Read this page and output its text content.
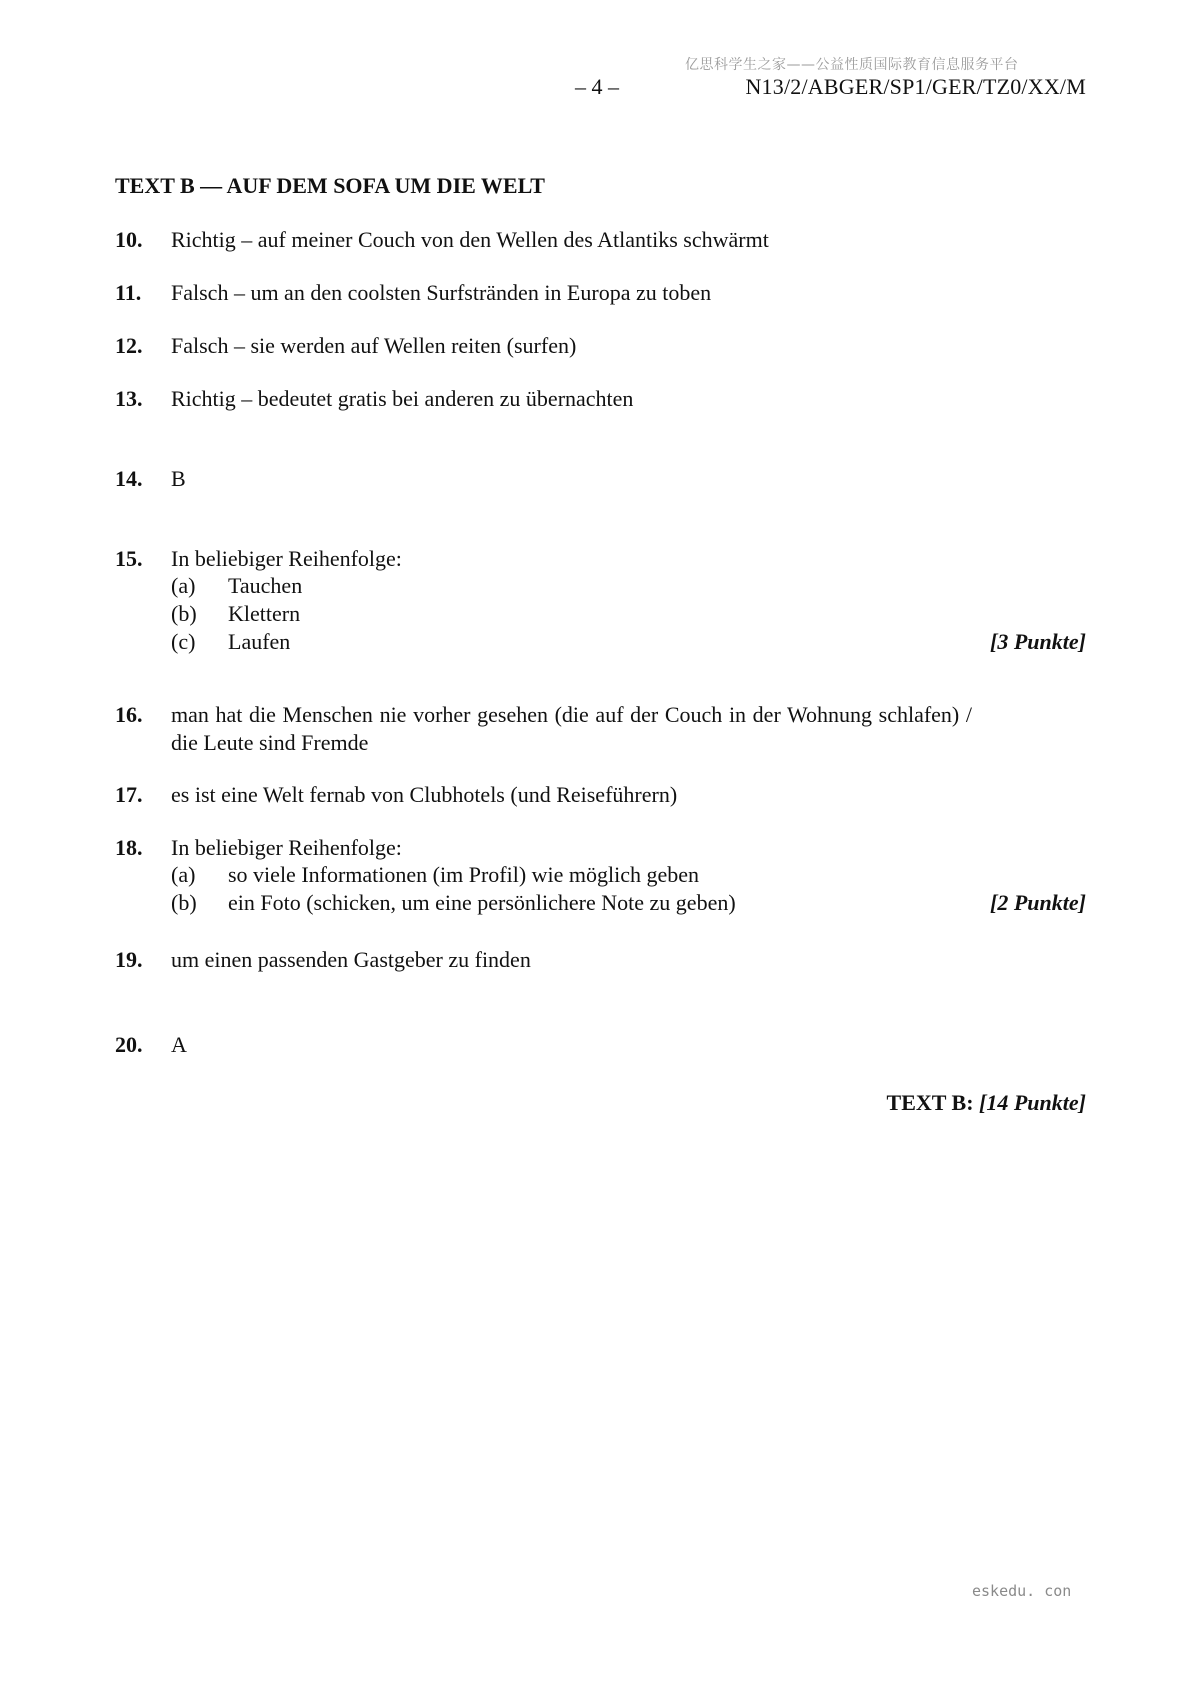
亿思科学生之家——公益性质国际教育信息服务平台
– 4 –	N13/2/ABGER/SP1/GER/TZ0/XX/M
TEXT B — AUF DEM SOFA UM DIE WELT
10.	Richtig – auf meiner Couch von den Wellen des Atlantiks schwärmt
11.	Falsch – um an den coolsten Surfstränden in Europa zu toben
12.	Falsch – sie werden auf Wellen reiten (surfen)
13.	Richtig – bedeutet gratis bei anderen zu übernachten
14.	B
15.	In beliebiger Reihenfolge:
(a) Tauchen
(b) Klettern
(c) Laufen	[3 Punkte]
16.	man hat die Menschen nie vorher gesehen (die auf der Couch in der Wohnung schlafen) / die Leute sind Fremde
17.	es ist eine Welt fernab von Clubhotels (und Reiseführern)
18.	In beliebiger Reihenfolge:
(a) so viele Informationen (im Profil) wie möglich geben
(b) ein Foto (schicken, um eine persönlichere Note zu geben)	[2 Punkte]
19.	um einen passenden Gastgeber zu finden
20.	A
TEXT B: [14 Punkte]
eskedu. con
